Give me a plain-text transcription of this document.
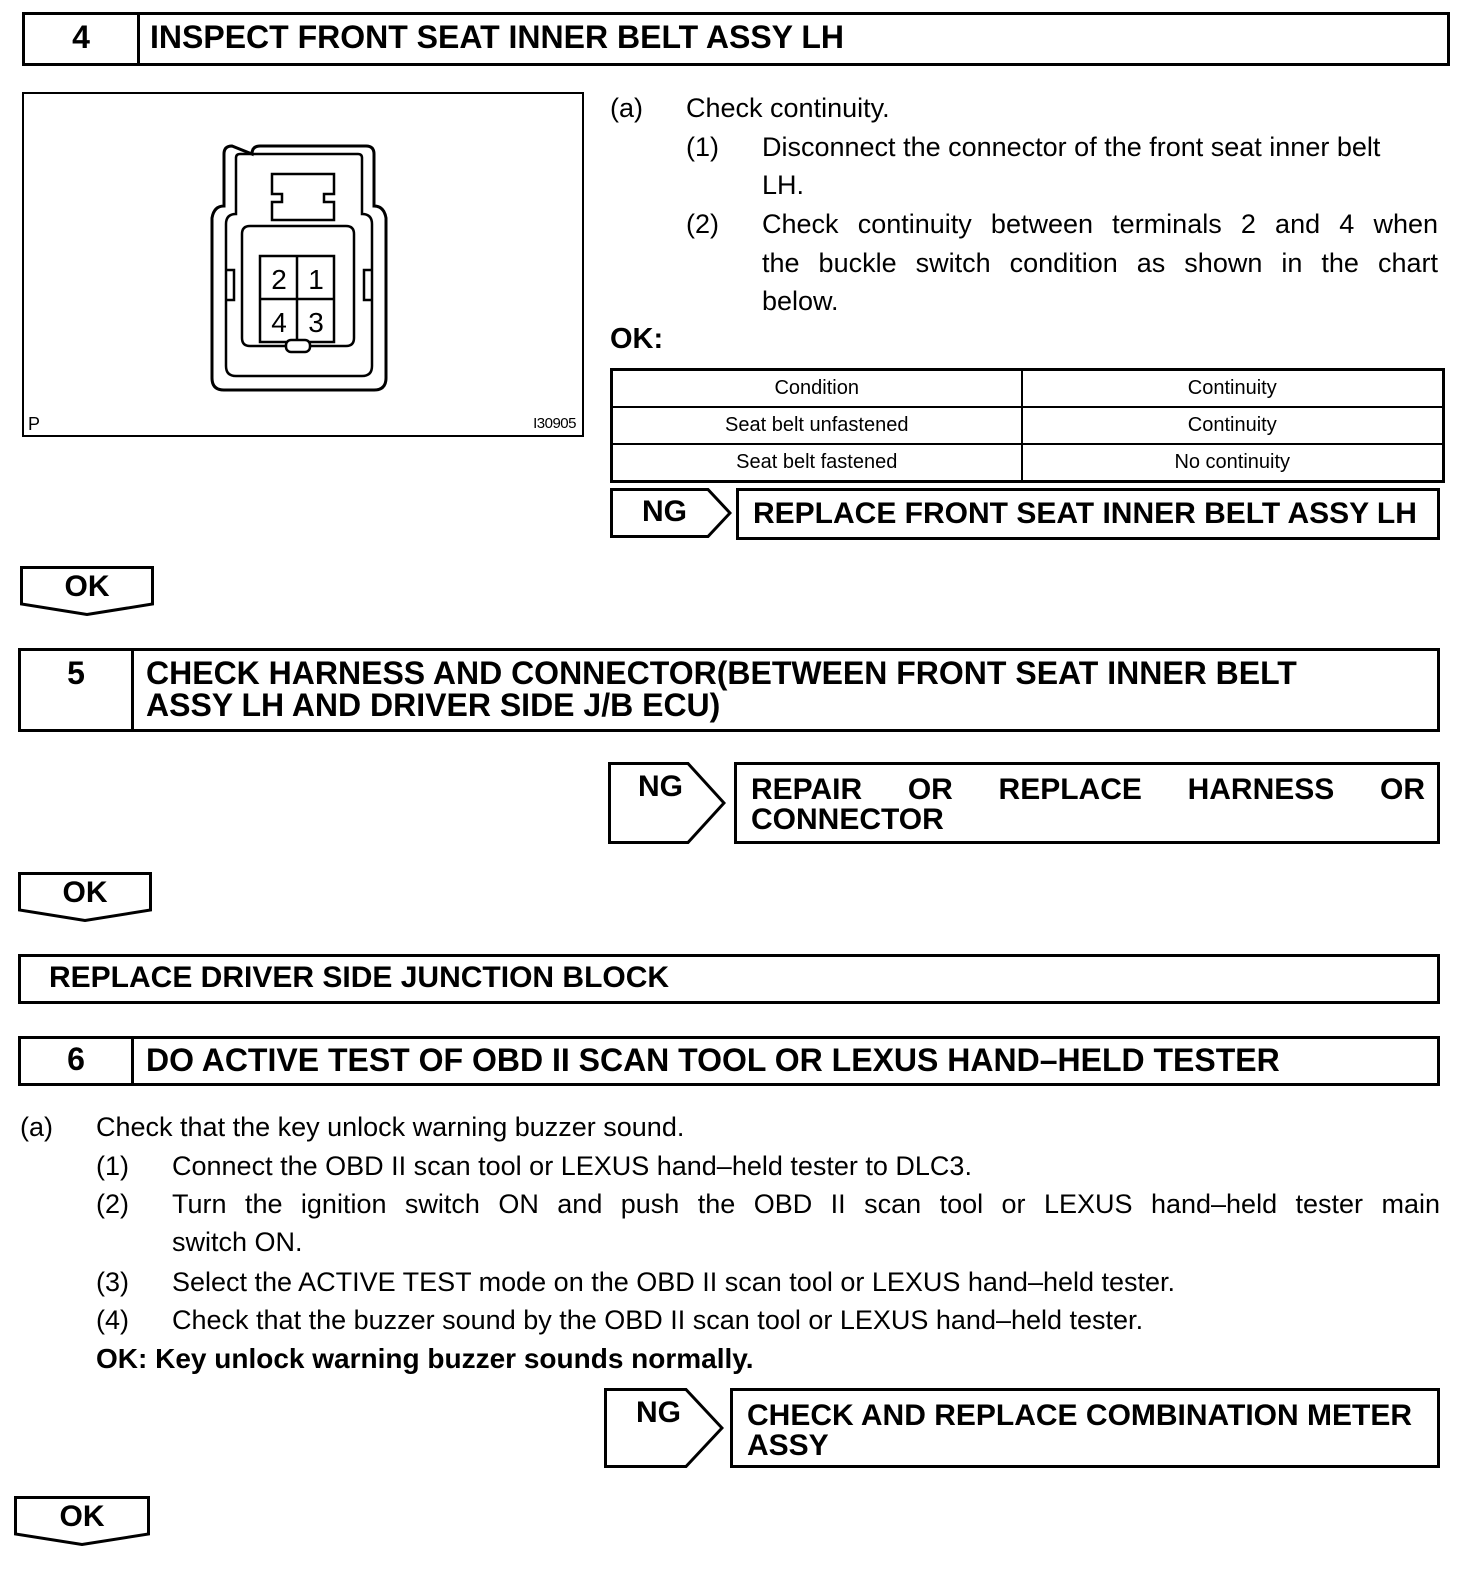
4	INSPECT FRONT SEAT INNER BELT ASSY LH
2 1
4 3
P	I30905
(a) Check continuity.
(1) Disconnect the connector of the front seat inner belt
LH.
(2) Check continuity between terminals 2 and 4 when
the buckle switch condition as shown in the chart
below.
OK:
Condition	Continuity
Seat belt unfastened	Continuity
Seat belt fastened	No continuity
NG	REPLACE FRONT SEAT INNER BELT ASSY LH
OK
5	CHECK HARNESS AND CONNECTOR(BETWEEN FRONT SEAT INNER BELT
ASSY LH AND DRIVER SIDE J/B ECU)
NG REPAIR OR REPLACE HARNESS OR
CONNECTOR
OK
REPLACE DRIVER SIDE JUNCTION BLOCK
6	DO ACTIVE TEST OF OBD II SCAN TOOL OR LEXUS HAND–HELD TESTER
(a) Check that the key unlock warning buzzer sound.
(1) Connect the OBD II scan tool or LEXUS hand–held tester to DLC3.
(2) Turn the ignition switch ON and push the OBD II scan tool or LEXUS hand–held tester main
switch ON.
(3) Select the ACTIVE TEST mode on the OBD II scan tool or LEXUS hand–held tester.
(4) Check that the buzzer sound by the OBD II scan tool or LEXUS hand–held tester.
OK: Key unlock warning buzzer sounds normally.
NG CHECK AND REPLACE COMBINATION METER
ASSY
OK
